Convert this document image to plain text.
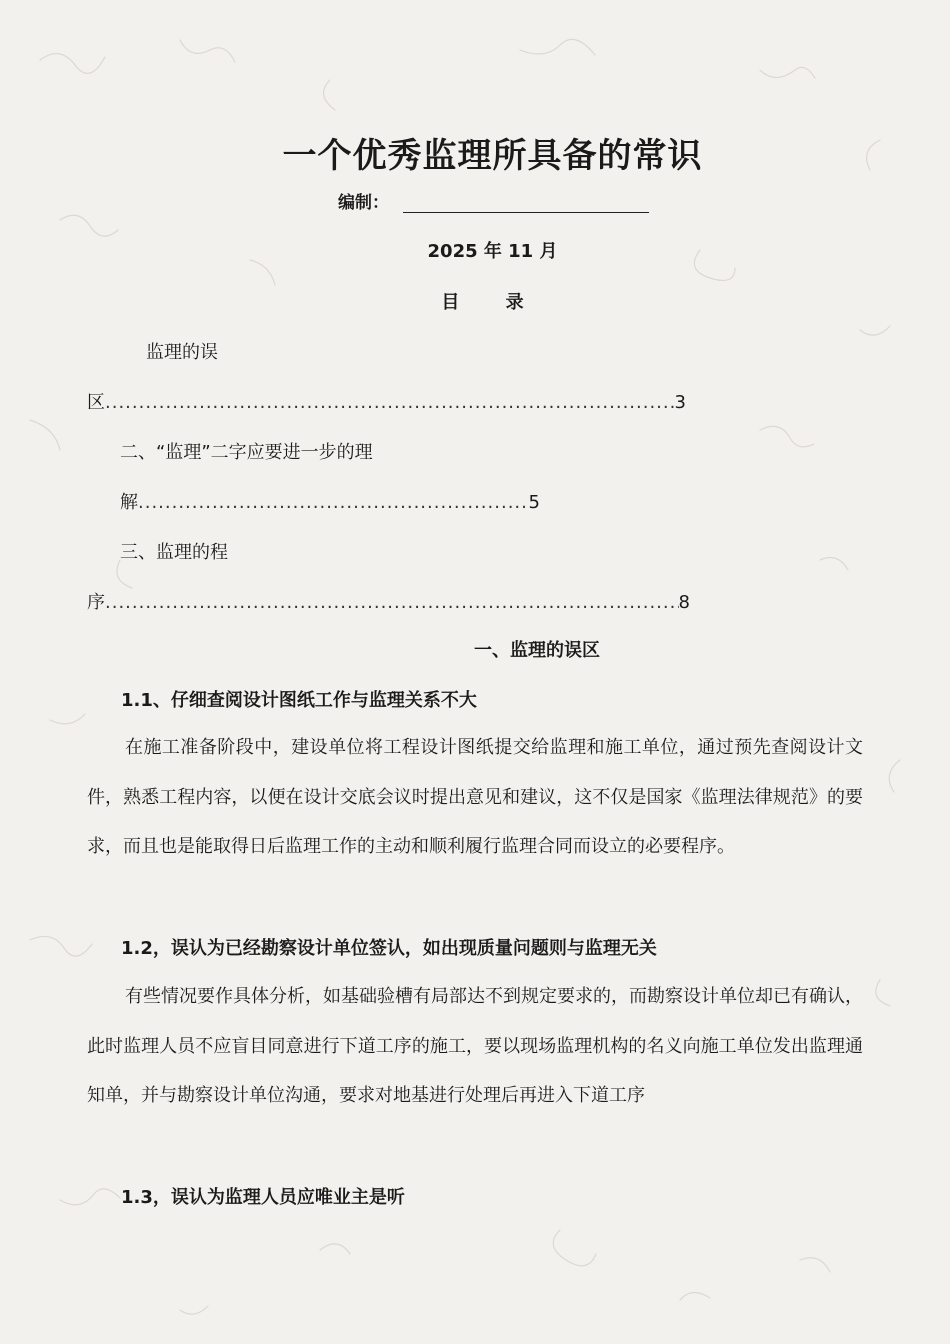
一个优秀监理所具备的常识
编制：
2025 年 11 月
目 录
监理的误
区 .....	3
二、“监理”二字应要进一步的理
解 .....	5
三、监理的程
序 .....	8
一、监理的误区
1.1、仔细查阅设计图纸工作与监理关系不大
在施工准备阶段中，建设单位将工程设计图纸提交给监理和施工单位，通过预先查阅设计文件，熟悉工程内容，以便在设计交底会议时提出意见和建议，这不仅是国家《监理法律规范》的要求，而且也是能取得日后监理工作的主动和顺利履行监理合同而设立的必要程序。
1.2，误认为已经勘察设计单位签认，如出现质量问题则与监理无关
有些情况要作具体分析，如基础验槽有局部达不到规定要求的，而勘察设计单位却已有确认，此时监理人员不应盲目同意进行下道工序的施工，要以现场监理机构的名义向施工单位发出监理通知单，并与勘察设计单位沟通，要求对地基进行处理后再进入下道工序
1.3，误认为监理人员应唯业主是听
